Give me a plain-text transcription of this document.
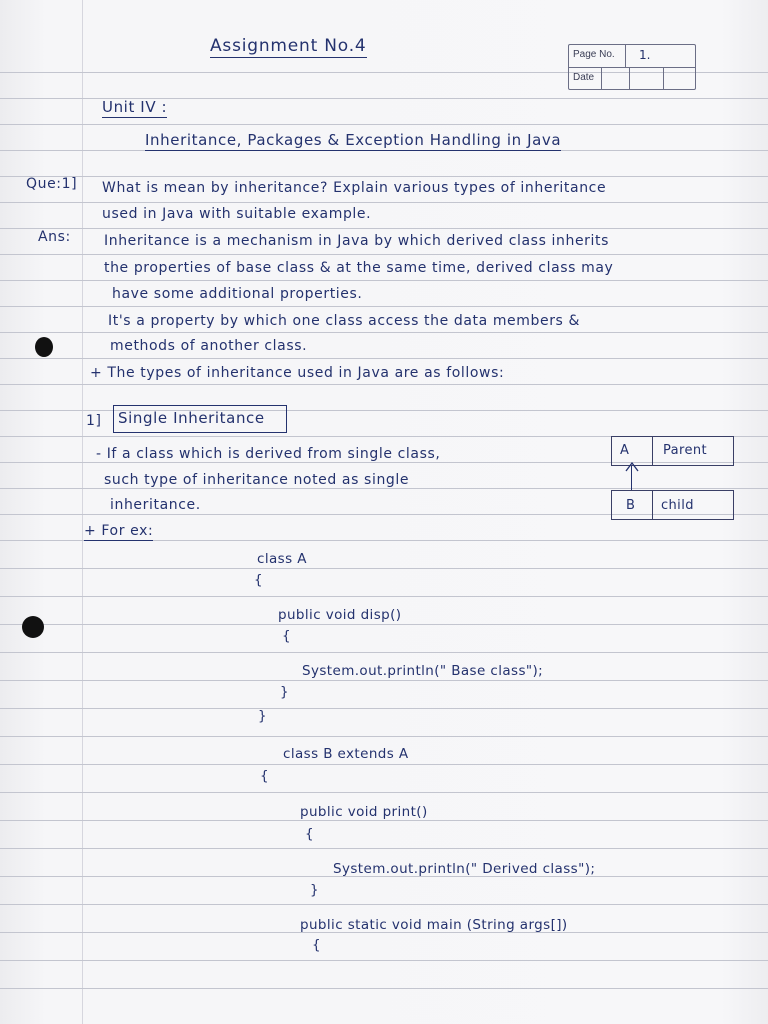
Assignment No.4	Page No. 1.
Date
Unit IV :
Inheritance, Packages & Exception Handling in Java
Que:1] What is mean by inheritance? Explain various types of inheritance
used in Java with suitable example.
Ans: Inheritance is a mechanism in Java by which derived class inherits
the properties of base class & at the same time, derived class may
have some additional properties.
It's a property by which one class access the data members &
methods of another class.
+ The types of inheritance used in Java are as follows:
1] Single Inheritance
- If a class which is derived from single class,
such type of inheritance noted as single
inheritance.
A	Parent
B child
+ For ex:
class A
{
public void disp()
{
System.out.println(" Base class");
}
}
class B extends A
{
public void print()
{
System.out.println(" Derived class");
}
public static void main (String args[])
{
